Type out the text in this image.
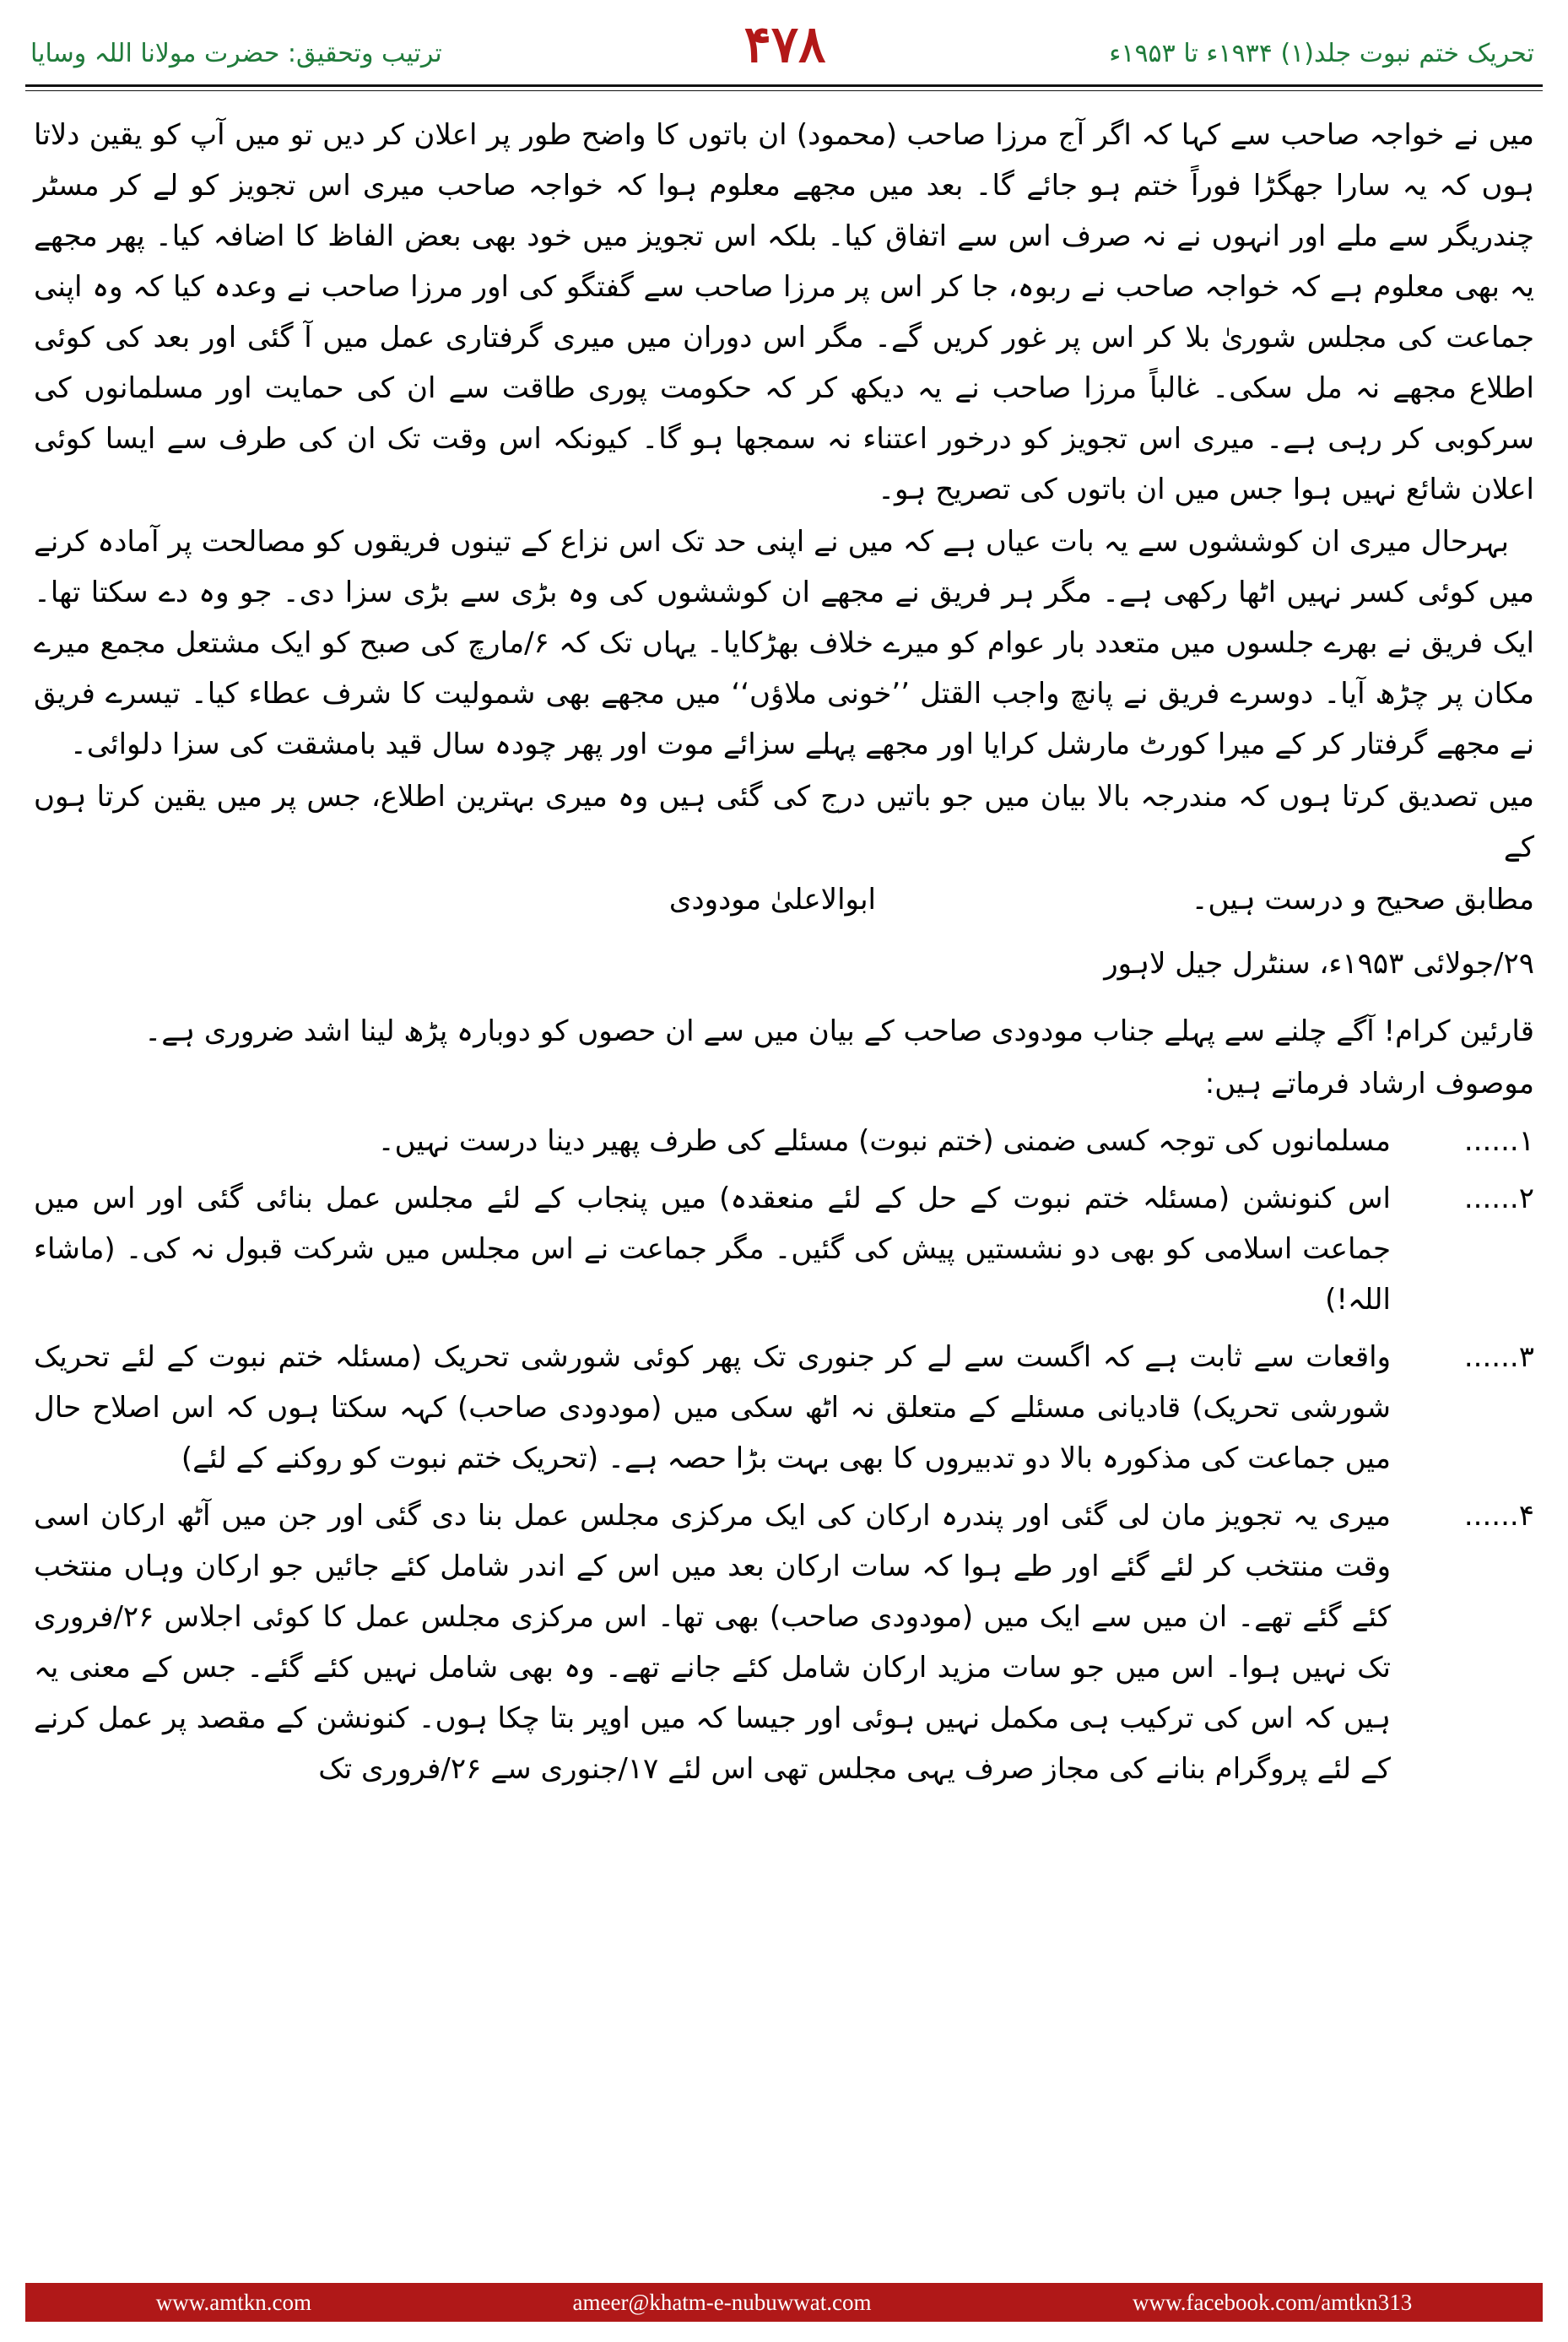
ترتیب وتحقیق: حضرت مولانا اللہ وسایا	۴۷۸	تحریک ختم نبوت جلد(۱) ۱۹۳۴ء تا ۱۹۵۳ء

میں نے خواجہ صاحب سے کہا کہ اگر آج مرزا صاحب (محمود) ان باتوں کا واضح طور پر اعلان کر دیں تو میں آپ کو یقین دلاتا ہوں کہ یہ سارا جھگڑا فوراً ختم ہو جائے گا۔ بعد میں مجھے معلوم ہوا کہ خواجہ صاحب میری اس تجویز کو لے کر مسٹر چندریگر سے ملے اور انہوں نے نہ صرف اس سے اتفاق کیا۔ بلکہ اس تجویز میں خود بھی بعض الفاظ کا اضافہ کیا۔ پھر مجھے یہ بھی معلوم ہے کہ خواجہ صاحب نے ربوہ، جا کر اس پر مرزا صاحب سے گفتگو کی اور مرزا صاحب نے وعدہ کیا کہ وہ اپنی جماعت کی مجلس شوریٰ بلا کر اس پر غور کریں گے۔ مگر اس دوران میں میری گرفتاری عمل میں آ گئی اور بعد کی کوئی اطلاع مجھے نہ مل سکی۔ غالباً مرزا صاحب نے یہ دیکھ کر کہ حکومت پوری طاقت سے ان کی حمایت اور مسلمانوں کی سرکوبی کر رہی ہے۔ میری اس تجویز کو درخور اعتناء نہ سمجھا ہو گا۔ کیونکہ اس وقت تک ان کی طرف سے ایسا کوئی اعلان شائع نہیں ہوا جس میں ان باتوں کی تصریح ہو۔

بہرحال میری ان کوششوں سے یہ بات عیاں ہے کہ میں نے اپنی حد تک اس نزاع کے تینوں فریقوں کو مصالحت پر آمادہ کرنے میں کوئی کسر نہیں اٹھا رکھی ہے۔ مگر ہر فریق نے مجھے ان کوششوں کی وہ بڑی سے بڑی سزا دی۔ جو وہ دے سکتا تھا۔ ایک فریق نے بھرے جلسوں میں متعدد بار عوام کو میرے خلاف بھڑکایا۔ یہاں تک کہ ۶/مارچ کی صبح کو ایک مشتعل مجمع میرے مکان پر چڑھ آیا۔ دوسرے فریق نے پانچ واجب القتل ’’خونی ملاؤں‘‘ میں مجھے بھی شمولیت کا شرف عطاء کیا۔ تیسرے فریق نے مجھے گرفتار کر کے میرا کورٹ مارشل کرایا اور مجھے پہلے سزائے موت اور پھر چودہ سال قید بامشقت کی سزا دلوائی۔

میں تصدیق کرتا ہوں کہ مندرجہ بالا بیان میں جو باتیں درج کی گئی ہیں وہ میری بہترین اطلاع، جس پر میں یقین کرتا ہوں کے

مطابق صحیح و درست ہیں۔
ابوالاعلیٰ مودودی
۲۹/جولائی ۱۹۵۳ء، سنٹرل جیل لاہور

قارئین کرام! آگے چلنے سے پہلے جناب مودودی صاحب کے بیان میں سے ان حصوں کو دوبارہ پڑھ لینا اشد ضروری ہے۔

موصوف ارشاد فرماتے ہیں:

۱......
مسلمانوں کی توجہ کسی ضمنی (ختم نبوت) مسئلے کی طرف پھیر دینا درست نہیں۔
۲......
اس کنونشن (مسئلہ ختم نبوت کے حل کے لئے منعقدہ) میں پنجاب کے لئے مجلس عمل بنائی گئی اور اس میں جماعت اسلامی کو بھی دو نشستیں پیش کی گئیں۔ مگر جماعت نے اس مجلس میں شرکت قبول نہ کی۔ (ماشاء اللہ!)
۳......
واقعات سے ثابت ہے کہ اگست سے لے کر جنوری تک پھر کوئی شورشی تحریک (مسئلہ ختم نبوت کے لئے تحریک شورشی تحریک) قادیانی مسئلے کے متعلق نہ اٹھ سکی میں (مودودی صاحب) کہہ سکتا ہوں کہ اس اصلاح حال میں جماعت کی مذکورہ بالا دو تدبیروں کا بھی بہت بڑا حصہ ہے۔ (تحریک ختم نبوت کو روکنے کے لئے)
۴......
میری یہ تجویز مان لی گئی اور پندرہ ارکان کی ایک مرکزی مجلس عمل بنا دی گئی اور جن میں آٹھ ارکان اسی وقت منتخب کر لئے گئے اور طے ہوا کہ سات ارکان بعد میں اس کے اندر شامل کئے جائیں جو ارکان وہاں منتخب کئے گئے تھے۔ ان میں سے ایک میں (مودودی صاحب) بھی تھا۔ اس مرکزی مجلس عمل کا کوئی اجلاس ۲۶/فروری تک نہیں ہوا۔ اس میں جو سات مزید ارکان شامل کئے جانے تھے۔ وہ بھی شامل نہیں کئے گئے۔ جس کے معنی یہ ہیں کہ اس کی ترکیب ہی مکمل نہیں ہوئی اور جیسا کہ میں اوپر بتا چکا ہوں۔ کنونشن کے مقصد پر عمل کرنے کے لئے پروگرام بنانے کی مجاز صرف یہی مجلس تھی اس لئے ۱۷/جنوری سے ۲۶/فروری تک
www.amtkn.com	ameer@khatm-e-nubuwwat.com	www.facebook.com/amtkn313
